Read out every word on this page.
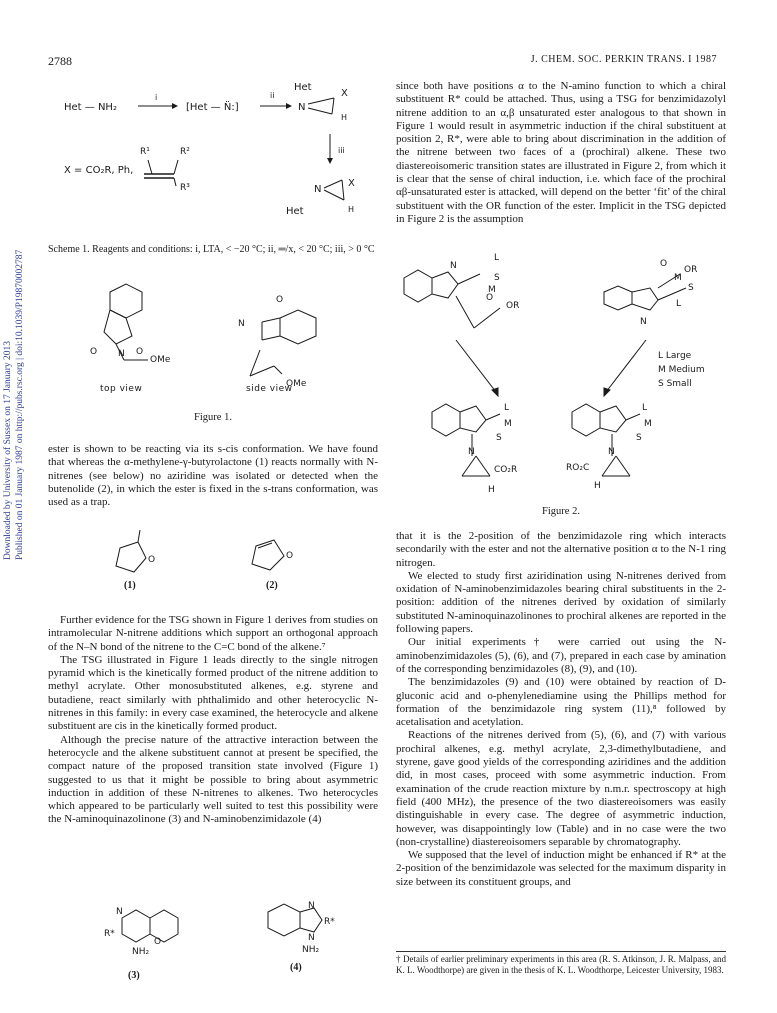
2788	J. CHEM. SOC. PERKIN TRANS. I 1987
Downloaded by University of Sussex on 17 January 2013 Published on 01 January 1987 on http://pubs.rsc.org | doi:10.1039/P19870002787
Het — NH₂
i
[Het — N̈:]
ii
Het
N
X
H
iii
X = CO₂R, Ph,
R¹	R²
R³	N
X
H
Het
Scheme 1. Reagents and conditions: i, LTA, < −20 °C; ii, ═/x, < 20 °C; iii, > 0 °C
O	O
N
OMe
N
O
OMe
top view	side view
Figure 1.

ester is shown to be reacting via its s-cis conformation. We have found that whereas the α-methylene-γ-butyrolactone (1) reacts normally with N-nitrenes (see below) no aziridine was isolated or detected when the butenolide (2), in which the ester is fixed in the s-trans conformation, was used as a trap.

O	O
(1)	(2)

Further evidence for the TSG shown in Figure 1 derives from studies on intramolecular N-nitrene additions which support an orthogonal approach of the N–N bond of the nitrene to the C=C bond of the alkene.⁷

The TSG illustrated in Figure 1 leads directly to the single nitrogen pyramid which is the kinetically formed product of the nitrene addition to methyl acrylate. Other monosubstituted alkenes, e.g. styrene and butadiene, react similarly with phthalimido and other heterocyclic N-nitrenes in this family: in every case examined, the heterocycle and alkene substituent are cis in the kinetically formed product.

Although the precise nature of the attractive interaction between the heterocycle and the alkene substituent cannot at present be specified, the compact nature of the proposed transition state involved (Figure 1) suggested to us that it might be possible to bring about asymmetric induction in addition of these N-nitrenes to alkenes. Two heterocycles which appeared to be particularly well suited to test this possibility were the N-aminoquinazolinone (3) and N-aminobenzimidazole (4)

N
R*
NH₂
O
N
N
R*
NH₂
(3)
(4)

since both have positions α to the N-amino function to which a chiral substituent R* could be attached. Thus, using a TSG for benzimidazolyl nitrene addition to an α,β unsaturated ester analogous to that shown in Figure 1 would result in asymmetric induction if the chiral substituent at position 2, R*, were able to bring about discrimination in the addition of the nitrene between two faces of a (prochiral) alkene. These two diastereoisomeric transition states are illustrated in Figure 2, from which it is clear that the sense of chiral induction, i.e. which face of the prochiral αβ-unsaturated ester is attacked, will depend on the better ‘fit’ of the chiral substituent with the OR function of the ester. Implicit in the TSG depicted in Figure 2 is the assumption

N
L
S
M
OR
O
O
OR
M
S
L
N
L Large
M Medium
S Small
L
M
S
N
CO₂R
H
L
M
S
N
RO₂C
H
Figure 2.

that it is the 2-position of the benzimidazole ring which interacts secondarily with the ester and not the alternative position α to the N-1 ring nitrogen.

We elected to study first aziridination using N-nitrenes derived from oxidation of N-aminobenzimidazoles bearing chiral substituents in the 2-position: addition of the nitrenes derived by oxidation of similarly substituted N-aminoquinazolinones to prochiral alkenes are reported in the following papers.

Our initial experiments† were carried out using the N-aminobenzimidazoles (5), (6), and (7), prepared in each case by amination of the corresponding benzimidazoles (8), (9), and (10).

The benzimidazoles (9) and (10) were obtained by reaction of D-gluconic acid and o-phenylenediamine using the Phillips method for formation of the benzimidazole ring system (11),⁸ followed by acetalisation and acetylation.

Reactions of the nitrenes derived from (5), (6), and (7) with various prochiral alkenes, e.g. methyl acrylate, 2,3-dimethylbutadiene, and styrene, gave good yields of the corresponding aziridines and the addition did, in most cases, proceed with some asymmetric induction. From examination of the crude reaction mixture by n.m.r. spectroscopy at high field (400 MHz), the presence of the two diastereoisomers was easily distinguishable in every case. The degree of asymmetric induction, however, was disappointingly low (Table) and in no case were the two (non-crystalline) diastereoisomers separable by chromatography.

We supposed that the level of induction might be enhanced if R* at the 2-position of the benzimidazole was selected for the maximum disparity in size between its constituent groups, and

† Details of earlier preliminary experiments in this area (R. S. Atkinson, J. R. Malpass, and K. L. Woodthorpe) are given in the thesis of K. L. Woodthorpe, Leicester University, 1983.
